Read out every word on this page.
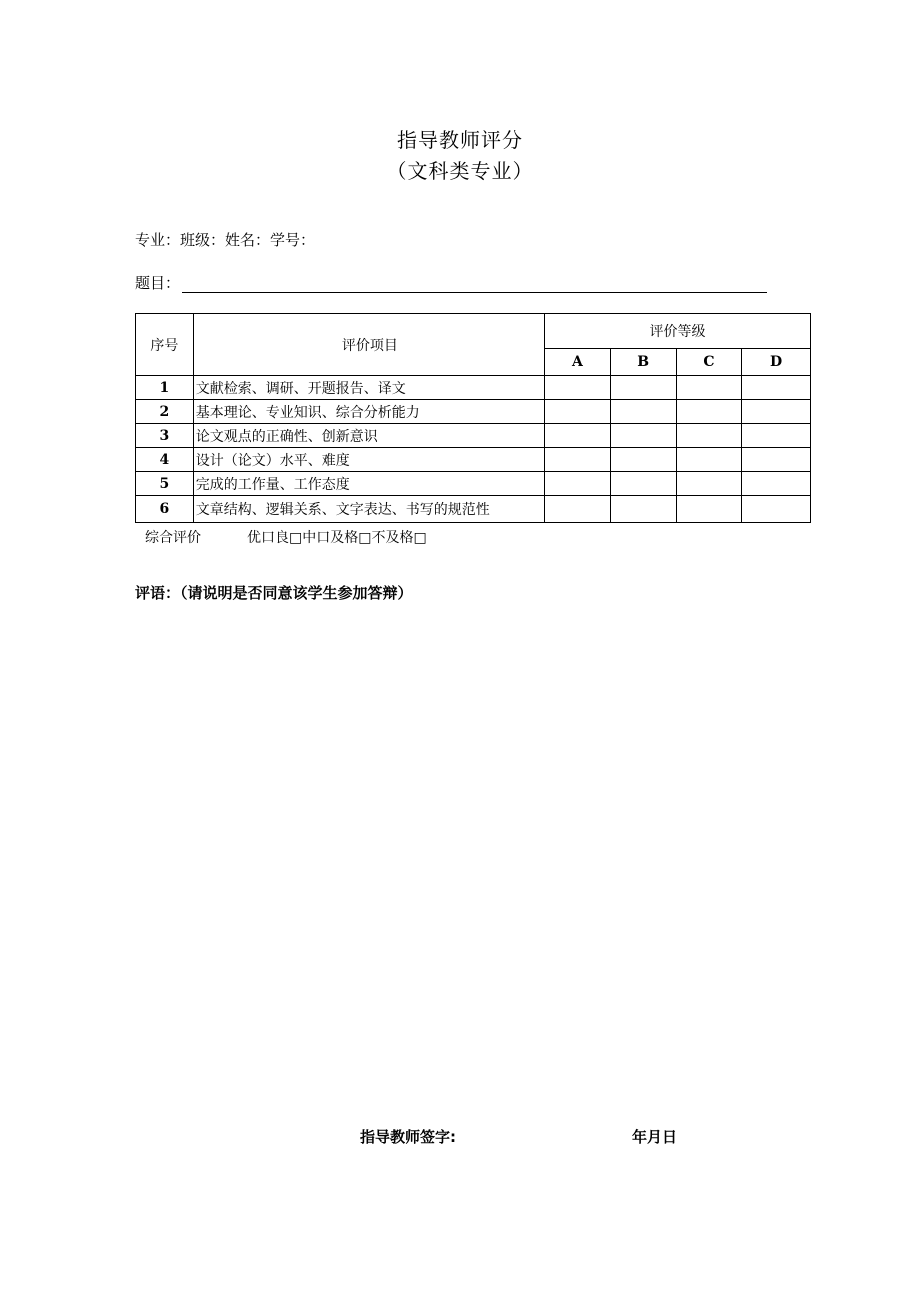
指导教师评分
（文科类专业）
专业：班级：姓名：学号：
题目：
序号	评价项目	评价等级			
		A	B	C	D
1	文献检索、调研、开题报告、译文				
2	基本理论、专业知识、综合分析能力				
3	论文观点的正确性、创新意识				
4	设计（论文）水平、难度				
5	完成的工作量、工作态度				
6	文章结构、逻辑关系、文字表达、书写的规范性				
综合评价	优口良□中口及格□不及格□
评语：（请说明是否同意该学生参加答辩）
指导教师签字:	年月日
